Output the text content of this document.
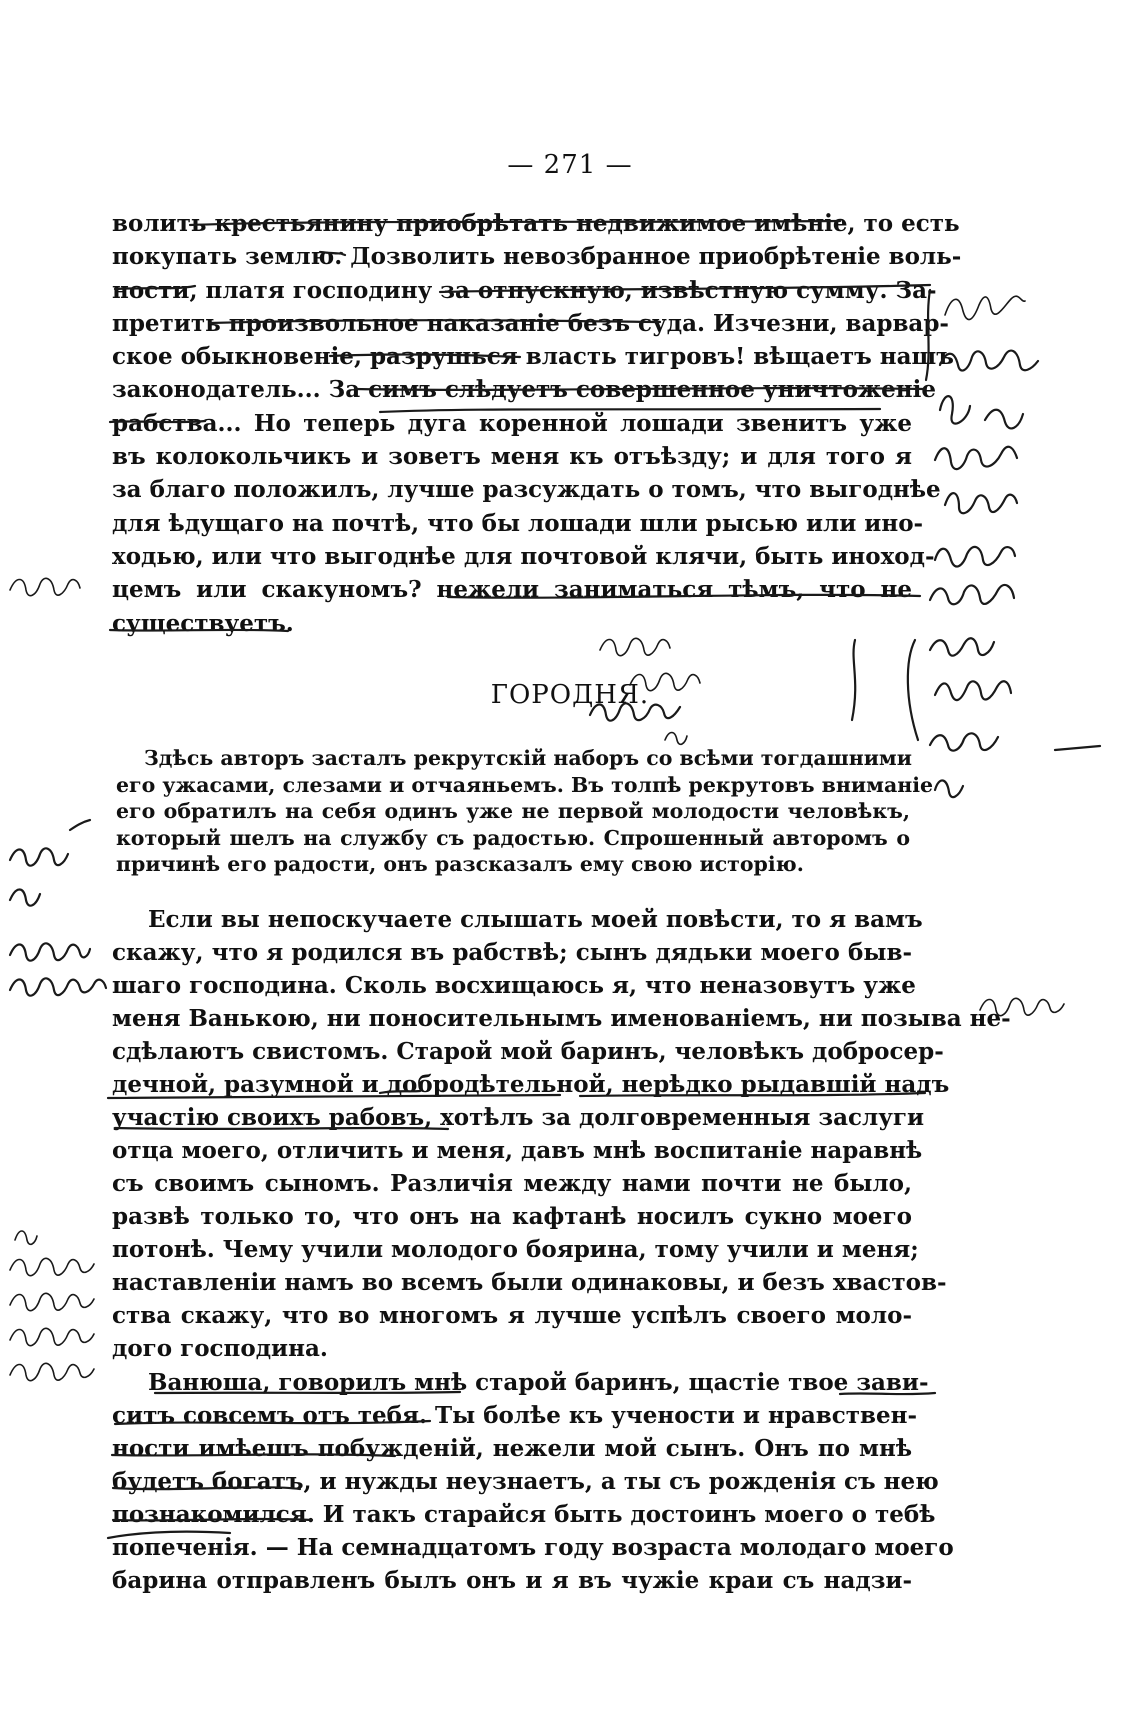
— 271 —
волить крестьянину приобрѣтать недвижимое имѣніе, то есть
покупать землю. Дозволить невозбранное приобрѣтеніе воль-
ности, платя господину за отпускную, извѣстную сумму. За-
претить произвольное наказаніе безъ суда. Изчезни, варвар-
ское обыкновеніе, разрушься власть тигровъ! вѣщаетъ нашъ
законодатель... За симъ слѣдуетъ совершенное уничтоженіе
рабства... Но теперь дуга коренной лошади звенитъ уже
въ колокольчикъ и зоветъ меня къ отъѣзду; и для того я
за благо положилъ, лучше разсуждать о томъ, что выгоднѣе
для ѣдущаго на почтѣ, что бы лошади шли рысью или ино-
ходью, или что выгоднѣе для почтовой клячи, быть иноход-
цемъ или скакуномъ? нежели заниматься тѣмъ, что не
существуетъ.
ГОРОДНЯ.
Здѣсь авторъ засталъ рекрутскій наборъ со всѣми тогдашними
его ужасами, слезами и отчаяньемъ. Въ толпѣ рекрутовъ вниманіе
его обратилъ на себя одинъ уже не первой молодости человѣкъ,
который шелъ на службу съ радостью. Спрошенный авторомъ о
причинѣ его радости, онъ разсказалъ ему свою исторію.
Если вы непоскучаете слышать моей повѣсти, то я вамъ
скажу, что я родился въ рабствѣ; сынъ дядьки моего быв-
шаго господина. Сколь восхищаюсь я, что неназовутъ уже
меня Ванькою, ни поносительнымъ именованіемъ, ни позыва не-
сдѣлаютъ свистомъ. Старой мой баринъ, человѣкъ добросер-
дечной, разумной и добродѣтельной, нерѣдко рыдавшій надъ
участію своихъ рабовъ, хотѣлъ за долговременныя заслуги
отца моего, отличить и меня, давъ мнѣ воспитаніе наравнѣ
съ своимъ сыномъ. Различія между нами почти не было,
развѣ только то, что онъ на кафтанѣ носилъ сукно моего
потонѣ. Чему учили молодого боярина, тому учили и меня;
наставленіи намъ во всемъ были одинаковы, и безъ хвастов-
ства скажу, что во многомъ я лучше успѣлъ своего моло-
дого господина.
Ванюша, говорилъ мнѣ старой баринъ, щастіе твое зави-
ситъ совсемъ отъ тебя. Ты болѣе къ учености и нравствен-
ности имѣешъ побужденій, нежели мой сынъ. Онъ по мнѣ
будетъ богатъ, и нужды неузнаетъ, а ты съ рожденія съ нею
познакомился. И такъ старайся быть достоинъ моего о тебѣ
попеченія. — На семнадцатомъ году возраста молодаго моего
барина отправленъ былъ онъ и я въ чужіе краи съ надзи-
